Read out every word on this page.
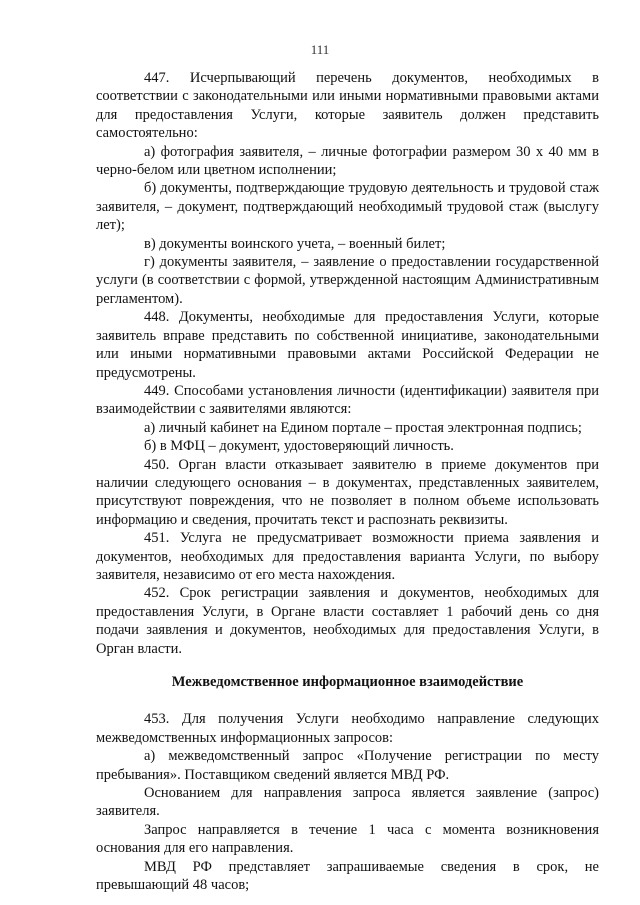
111

447. Исчерпывающий перечень документов, необходимых в соответствии с законодательными или иными нормативными правовыми актами для предоставления Услуги, которые заявитель должен представить самостоятельно:

а) фотография заявителя, – личные фотографии размером 30 х 40 мм в черно-белом или цветном исполнении;

б) документы, подтверждающие трудовую деятельность и трудовой стаж заявителя, – документ, подтверждающий необходимый трудовой стаж (выслугу лет);

в) документы воинского учета, – военный билет;

г) документы заявителя, – заявление о предоставлении государственной услуги (в соответствии с формой, утвержденной настоящим Административным регламентом).

448. Документы, необходимые для предоставления Услуги, которые заявитель вправе представить по собственной инициативе, законодательными или иными нормативными правовыми актами Российской Федерации не предусмотрены.

449. Способами установления личности (идентификации) заявителя при взаимодействии с заявителями являются:

а) личный кабинет на Едином портале – простая электронная подпись;

б) в МФЦ – документ, удостоверяющий личность.

450. Орган власти отказывает заявителю в приеме документов при наличии следующего основания – в документах, представленных заявителем, присутствуют повреждения, что не позволяет в полном объеме использовать информацию и сведения, прочитать текст и распознать реквизиты.

451. Услуга не предусматривает возможности приема заявления и документов, необходимых для предоставления варианта Услуги, по выбору заявителя, независимо от его места нахождения.

452. Срок регистрации заявления и документов, необходимых для предоставления Услуги, в Органе власти составляет 1 рабочий день со дня подачи заявления и документов, необходимых для предоставления Услуги, в Орган власти.

Межведомственное информационное взаимодействие

453. Для получения Услуги необходимо направление следующих межведомственных информационных запросов:

а) межведомственный запрос «Получение регистрации по месту пребывания». Поставщиком сведений является МВД РФ.

Основанием для направления запроса является заявление (запрос) заявителя.

Запрос направляется в течение 1 часа с момента возникновения основания для его направления.

МВД РФ представляет запрашиваемые сведения в срок, не превышающий 48 часов;
